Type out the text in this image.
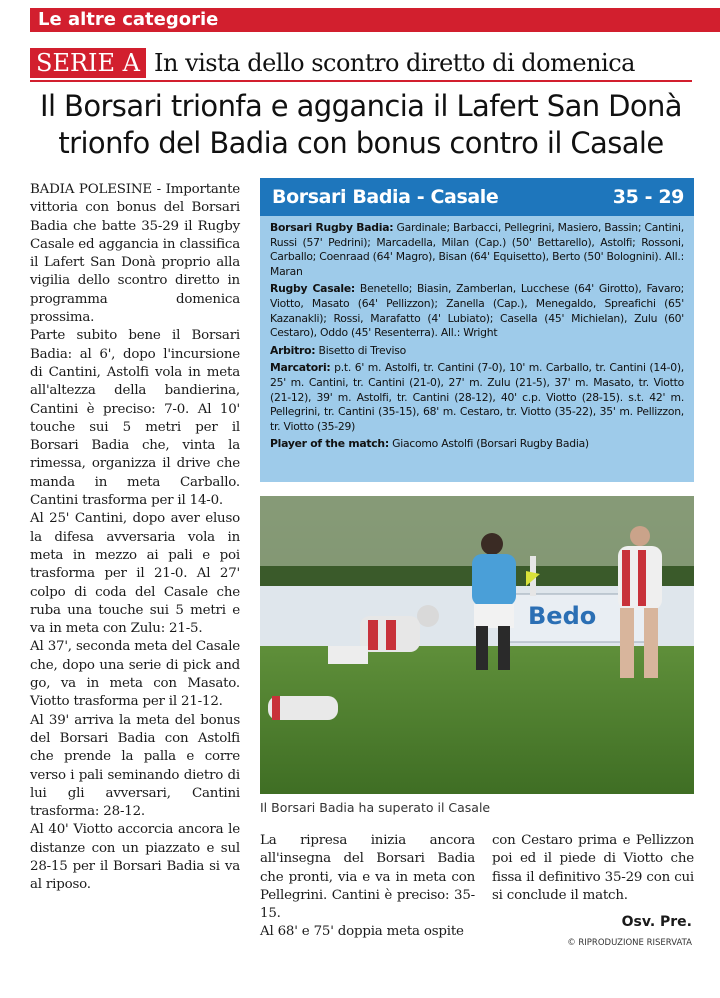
Le altre categorie
SERIE A In vista dello scontro diretto di domenica
Il Borsari trionfa e aggancia il Lafert San Donà
trionfo del Badia con bonus contro il Casale

BADIA POLESINE - Importante vittoria con bonus del Borsari Badia che batte 35-29 il Rugby Casale ed aggancia in classifica il Lafert San Donà proprio alla vigilia dello scontro diretto in programma domenica prossima.

Parte subito bene il Borsari Badia: al 6', dopo l'incursione di Cantini, Astolfi vola in meta all'altezza della bandierina, Cantini è preciso: 7-0. Al 10' touche sui 5 metri per il Borsari Badia che, vinta la rimessa, organizza il drive che manda in meta Carballo. Cantini trasforma per il 14-0.

Al 25' Cantini, dopo aver eluso la difesa avversaria vola in meta in mezzo ai pali e poi trasforma per il 21-0. Al 27' colpo di coda del Casale che ruba una touche sui 5 metri e va in meta con Zulu: 21-5.

Al 37', seconda meta del Casale che, dopo una serie di pick and go, va in meta con Masato. Viotto trasforma per il 21-12.

Al 39' arriva la meta del bonus del Borsari Badia con Astolfi che prende la palla e corre verso i pali seminando dietro di lui gli avversari, Cantini trasforma: 28-12.

Al 40' Viotto accorcia ancora le distanze con un piazzato e sul 28-15 per il Borsari Badia si va al riposo.

Borsari Badia - Casale	35 - 29

Borsari Rugby Badia: Gardinale; Barbacci, Pellegrini, Masiero, Bassin; Cantini, Russi (57' Pedrini); Marcadella, Milan (Cap.) (50' Bettarello), Astolfi; Rossoni, Carballo; Coenraad (64' Magro), Bisan (64' Equisetto), Berto (50' Bolognini). All.: Maran

Rugby Casale: Benetello; Biasin, Zamberlan, Lucchese (64' Girotto), Favaro; Viotto, Masato (64' Pellizzon); Zanella (Cap.), Menegaldo, Spreafichi (65' Kazanakli); Rossi, Marafatto (4' Lubiato); Casella (45' Michielan), Zulu (60' Cestaro), Oddo (45' Resenterra). All.: Wright

Arbitro: Bisetto di Treviso

Marcatori: p.t. 6' m. Astolfi, tr. Cantini (7-0), 10' m. Carballo, tr. Cantini (14-0), 25' m. Cantini, tr. Cantini (21-0), 27' m. Zulu (21-5), 37' m. Masato, tr. Viotto (21-12), 39' m. Astolfi, tr. Cantini (28-12), 40' c.p. Viotto (28-15). s.t. 42' m. Pellegrini, tr. Cantini (35-15), 68' m. Cestaro, tr. Viotto (35-22), 35' m. Pellizzon, tr. Viotto (35-29)

Player of the match: Giacomo Astolfi (Borsari Rugby Badia)

Bedo
Il Borsari Badia ha superato il Casale

La ripresa inizia ancora all'insegna del Borsari Badia che pronti, via e va in meta con Pellegrini. Cantini è preciso: 35-15.

Al 68' e 75' doppia meta ospite

con Cestaro prima e Pellizzon poi ed il piede di Viotto che fissa il definitivo 35-29 con cui si conclude il match.

Osv. Pre.
© RIPRODUZIONE RISERVATA
